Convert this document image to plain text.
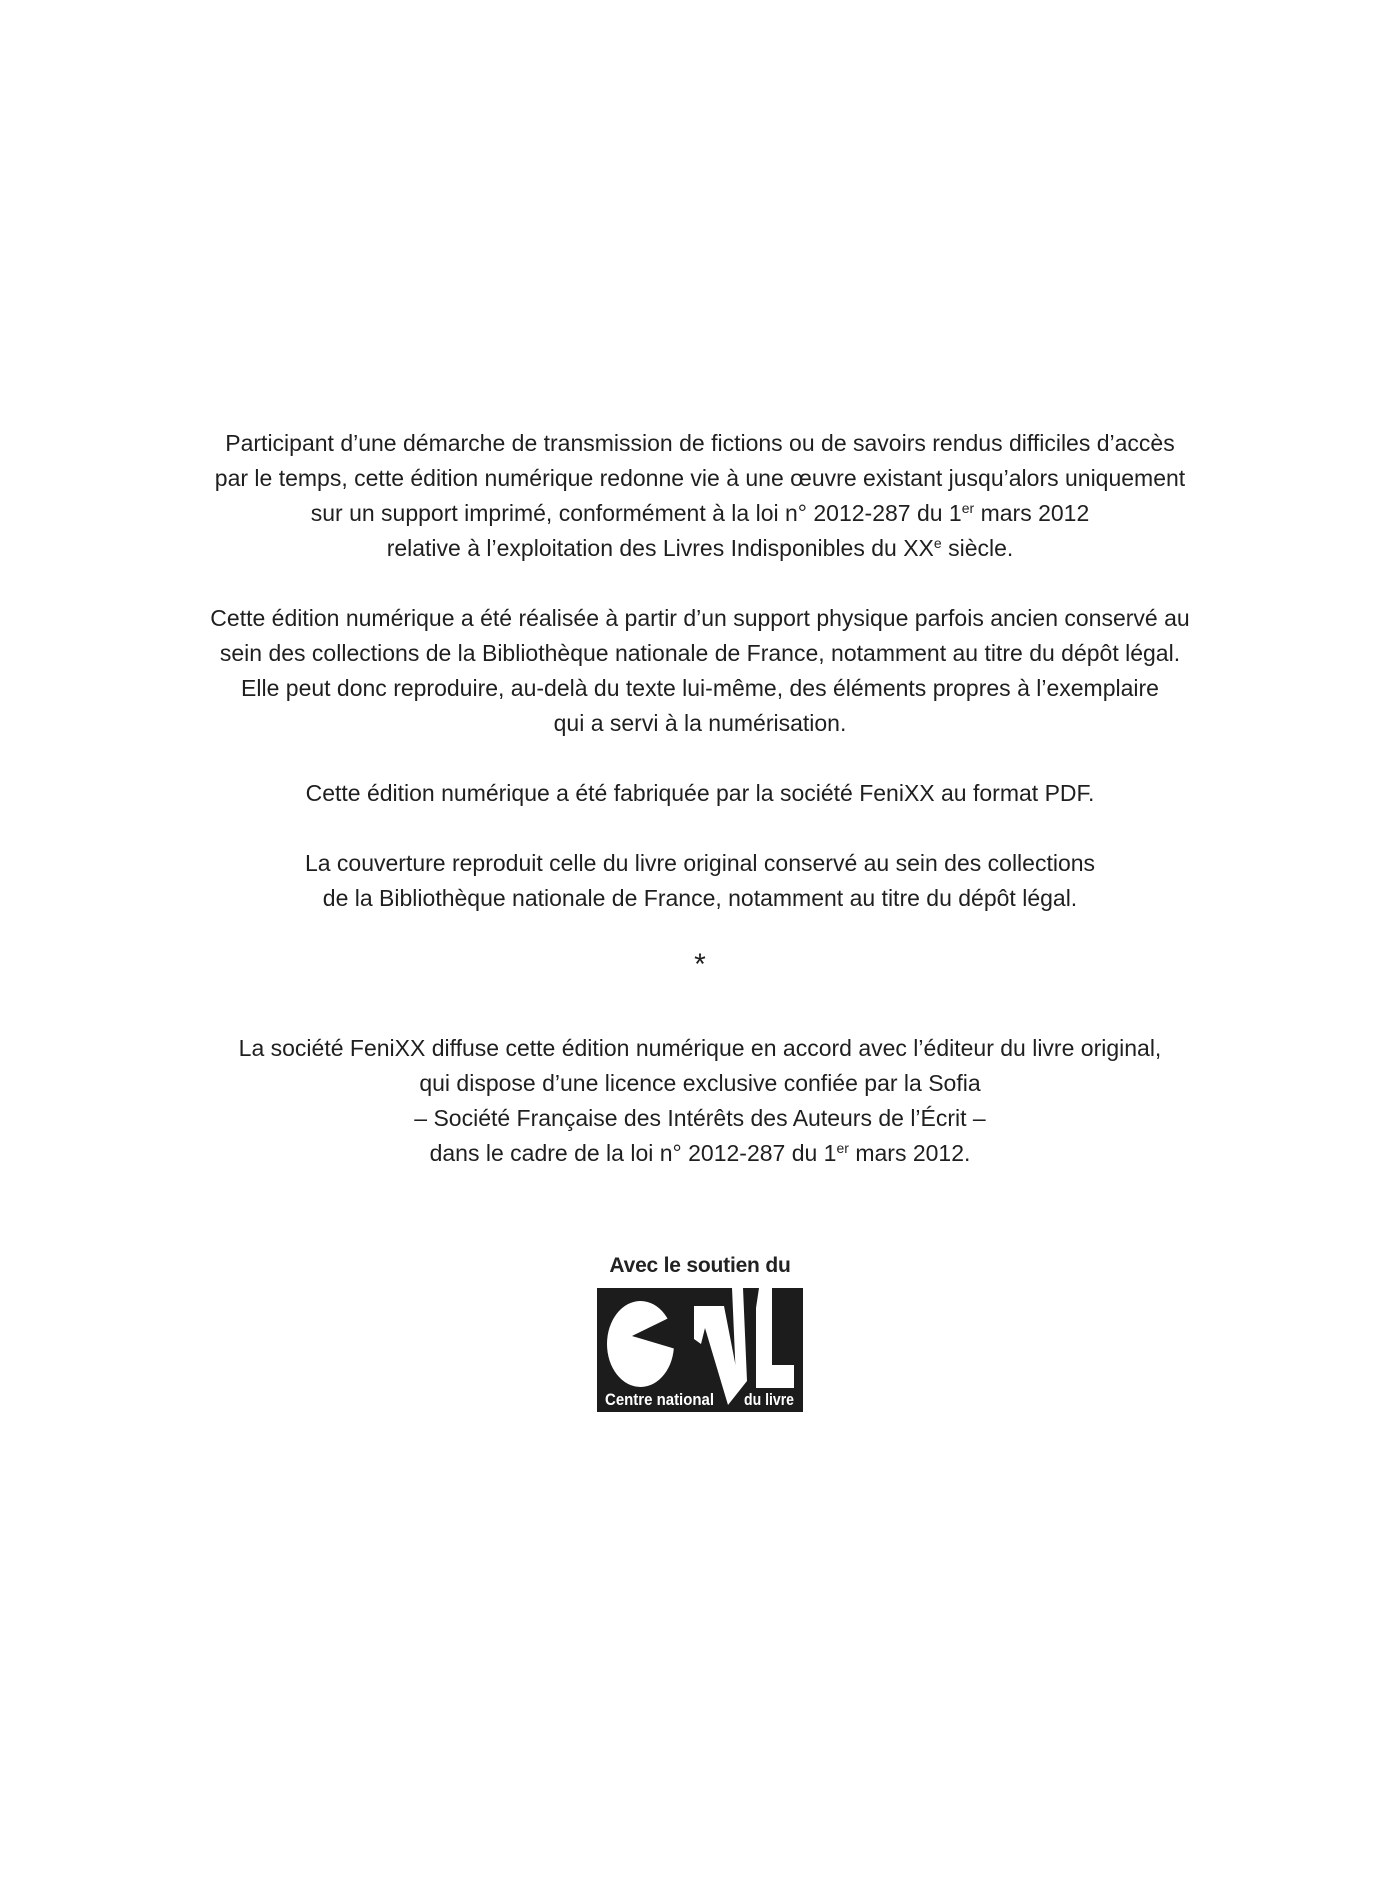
Participant d’une démarche de transmission de fictions ou de savoirs rendus difficiles d’accès
par le temps, cette édition numérique redonne vie à une œuvre existant jusqu’alors uniquement
sur un support imprimé, conformément à la loi n° 2012-287 du 1er mars 2012
relative à l’exploitation des Livres Indisponibles du XXe siècle.

Cette édition numérique a été réalisée à partir d’un support physique parfois ancien conservé au
sein des collections de la Bibliothèque nationale de France, notamment au titre du dépôt légal.
Elle peut donc reproduire, au-delà du texte lui-même, des éléments propres à l’exemplaire
qui a servi à la numérisation.

Cette édition numérique a été fabriquée par la société FeniXX au format PDF.

La couverture reproduit celle du livre original conservé au sein des collections
de la Bibliothèque nationale de France, notamment au titre du dépôt légal.

*

La société FeniXX diffuse cette édition numérique en accord avec l’éditeur du livre original,
qui dispose d’une licence exclusive confiée par la Sofia
– Société Française des Intérêts des Auteurs de l’Écrit –
dans le cadre de la loi n° 2012-287 du 1er mars 2012.

Avec le soutien du
Centre national du livre
